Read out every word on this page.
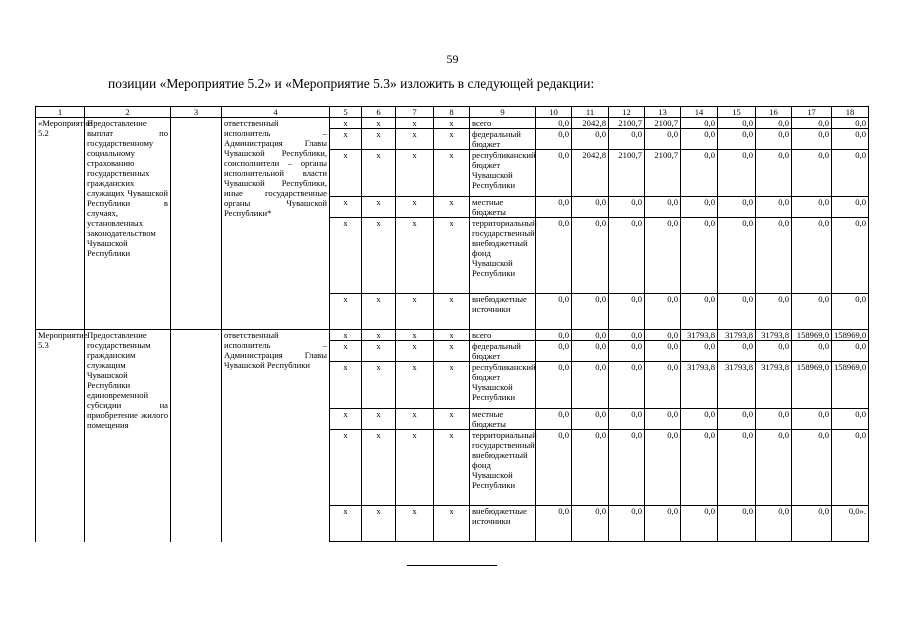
59
позиции «Мероприятие 5.2» и «Мероприятие 5.3» изложить в следующей редакции:
1	2	3	4	5	6	7	8	9	10	11	12	13	14	15	16	17	18
«Мероприятие 5.2	Предоставление выплат по государственному социальному страхованию государственных гражданских служащих Чувашской Республики в случаях, установленных законодательством Чувашской Республики		ответственный исполнитель – Администрация Главы Чувашской Республики, соисполнители – органы исполнительной власти Чувашской Республики, иные государственные органы Чувашской Республики*	x	x	x	x	всего	0,0	2042,8	2100,7	2100,7	0,0	0,0	0,0	0,0	0,0
				x	x	x	x	федеральный бюджет	0,0	0,0	0,0	0,0	0,0	0,0	0,0	0,0	0,0
				x	x	x	x	республиканский бюджет Чувашской Республики	0,0	2042,8	2100,7	2100,7	0,0	0,0	0,0	0,0	0,0
				x	x	x	x	местные бюджеты	0,0	0,0	0,0	0,0	0,0	0,0	0,0	0,0	0,0
				x	x	x	x	территориальный государственный внебюджетный фонд Чувашской Республики	0,0	0,0	0,0	0,0	0,0	0,0	0,0	0,0	0,0
				x	x	x	x	внебюджетные источники	0,0	0,0	0,0	0,0	0,0	0,0	0,0	0,0	0,0
Мероприятие 5.3	Предоставление государственным гражданским служащим Чувашской Республики единовременной субсидии на приобретение жилого помещения		ответственный исполнитель – Администрация Главы Чувашской Республики	x	x	x	x	всего	0,0	0,0	0,0	0,0	31793,8	31793,8	31793,8	158969,0	158969,0
				x	x	x	x	федеральный бюджет	0,0	0,0	0,0	0,0	0,0	0,0	0,0	0,0	0,0
				x	x	x	x	республиканский бюджет Чувашской Республики	0,0	0,0	0,0	0,0	31793,8	31793,8	31793,8	158969,0	158969,0
				x	x	x	x	местные бюджеты	0,0	0,0	0,0	0,0	0,0	0,0	0,0	0,0	0,0
				x	x	x	x	территориальный государственный внебюджетный фонд Чувашской Республики	0,0	0,0	0,0	0,0	0,0	0,0	0,0	0,0	0,0
				x	x	x	x	внебюджетные источники	0,0	0,0	0,0	0,0	0,0	0,0	0,0	0,0	0,0».
